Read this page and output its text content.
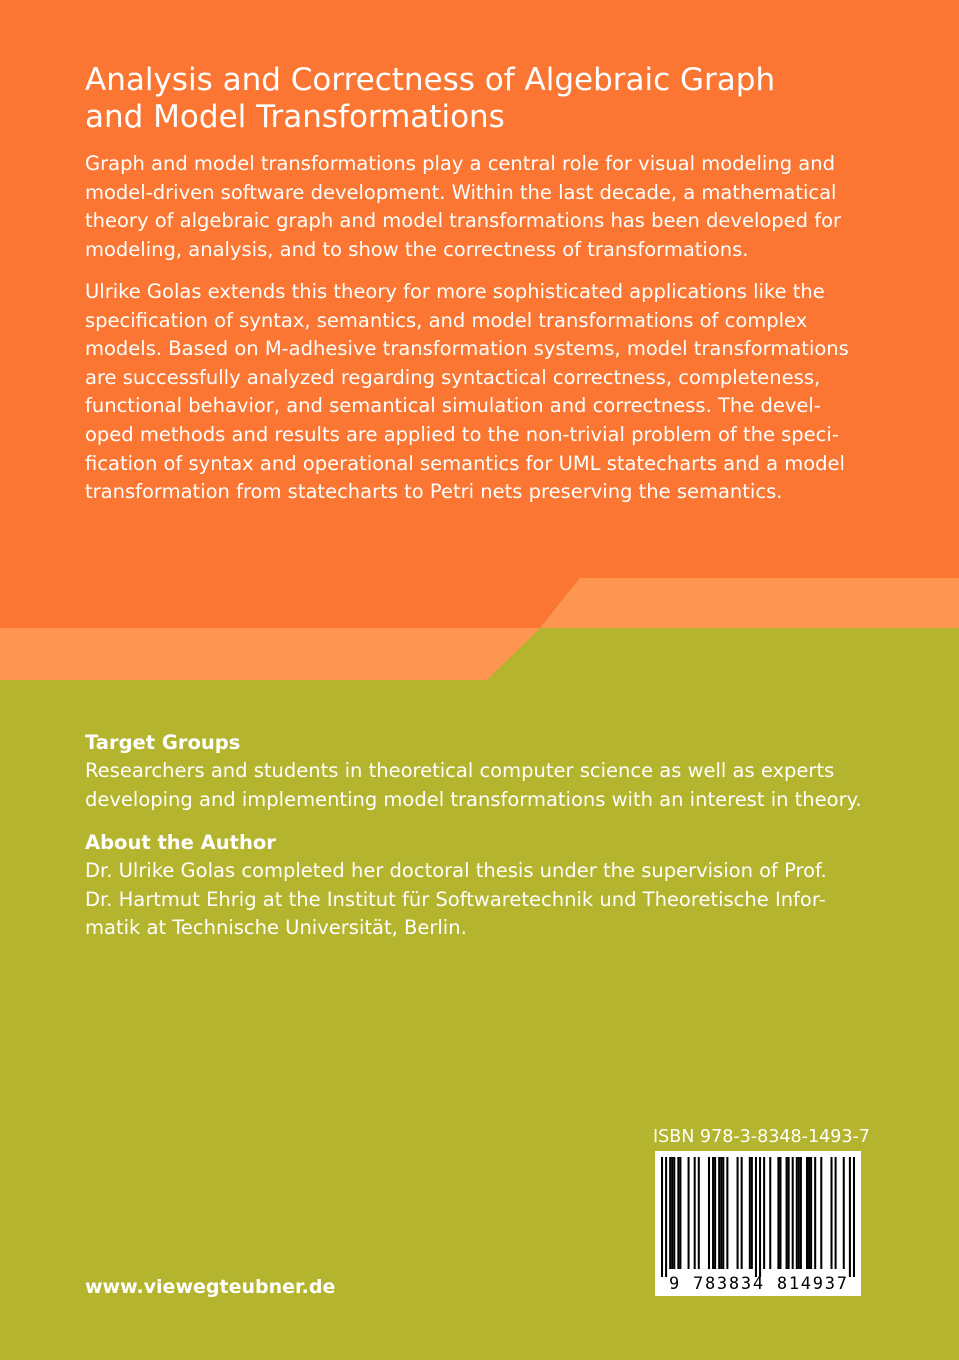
Analysis and Correctness of Algebraic Graph
and Model Transformations
Graph and model transformations play a central role for visual modeling and
model-driven software development. Within the last decade, a mathematical
theory of algebraic graph and model transformations has been developed for
modeling, analysis, and to show the correctness of transformations.
Ulrike Golas extends this theory for more sophisticated applications like the
specification of syntax, semantics, and model transformations of complex
models. Based on M-adhesive transformation systems, model transformations
are successfully analyzed regarding syntactical correctness, completeness,
functional behavior, and semantical simulation and correctness. The devel-
oped methods and results are applied to the non-trivial problem of the speci-
fication of syntax and operational semantics for UML statecharts and a model
transformation from statecharts to Petri nets preserving the semantics.
Target Groups

Researchers and students in theoretical computer science as well as experts
developing and implementing model transformations with an interest in theory.

About the Author

Dr. Ulrike Golas completed her doctoral thesis under the supervision of Prof.
Dr. Hartmut Ehrig at the Institut für Softwaretechnik und Theoretische Infor-
matik at Technische Universität, Berlin.

www.viewegteubner.de
ISBN 978-3-8348-1493-7
9 783834 814937
